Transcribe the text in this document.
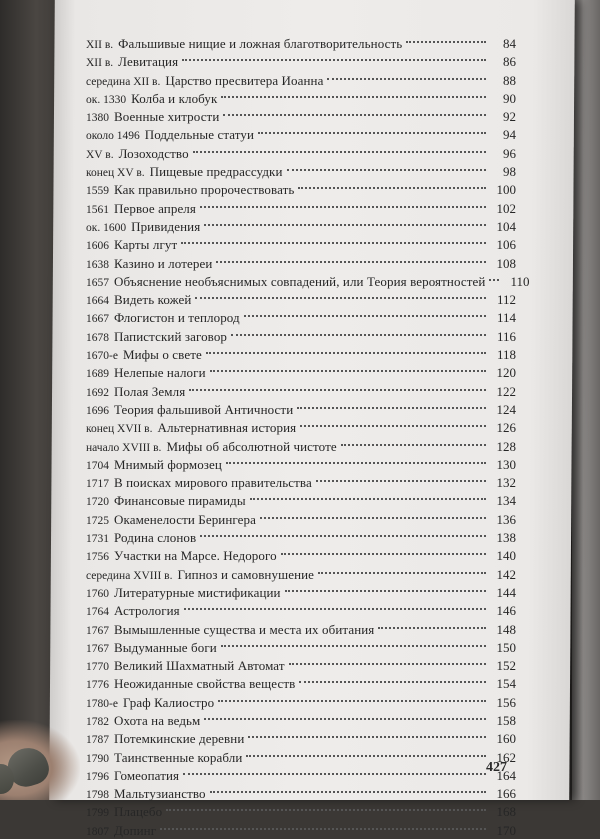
XII в. Фальшивые нищие и ложная благотворительность	84
XII в. Левитация	86
середина XII в. Царство пресвитера Иоанна	88
ок. 1330 Колба и клобук	90
1380 Военные хитрости	92
около 1496 Поддельные статуи	94
XV в. Лозоходство	96
конец XV в. Пищевые предрассудки	98
1559 Как правильно пророчествовать	100
1561 Первое апреля	102
ок. 1600 Привидения	104
1606 Карты лгут	106
1638 Казино и лотереи	108
1657 Объяснение необъяснимых совпадений, или Теория вероятностей	110
1664 Видеть кожей	112
1667 Флогистон и теплород	114
1678 Папистский заговор	116
1670-е Мифы о свете	118
1689 Нелепые налоги	120
1692 Полая Земля	122
1696 Теория фальшивой Античности	124
конец XVII в. Альтернативная история	126
начало XVIII в. Мифы об абсолютной чистоте	128
1704 Мнимый формозец	130
1717 В поисках мирового правительства	132
1720 Финансовые пирамиды	134
1725 Окаменелости Берингера	136
1731 Родина слонов	138
1756 Участки на Марсе. Недорого	140
середина XVIII в. Гипноз и самовнушение	142
1760 Литературные мистификации	144
1764 Астрология	146
1767 Вымышленные существа и места их обитания	148
1767 Выдуманные боги	150
1770 Великий Шахматный Автомат	152
1776 Неожиданные свойства веществ	154
1780-е Граф Калиостро	156
1782 Охота на ведьм	158
1787 Потемкинские деревни	160
1790 Таинственные корабли	162
1796 Гомеопатия	164
1798 Мальтузианство	166
1799 Плацебо	168
1807 Допинг	170
427
